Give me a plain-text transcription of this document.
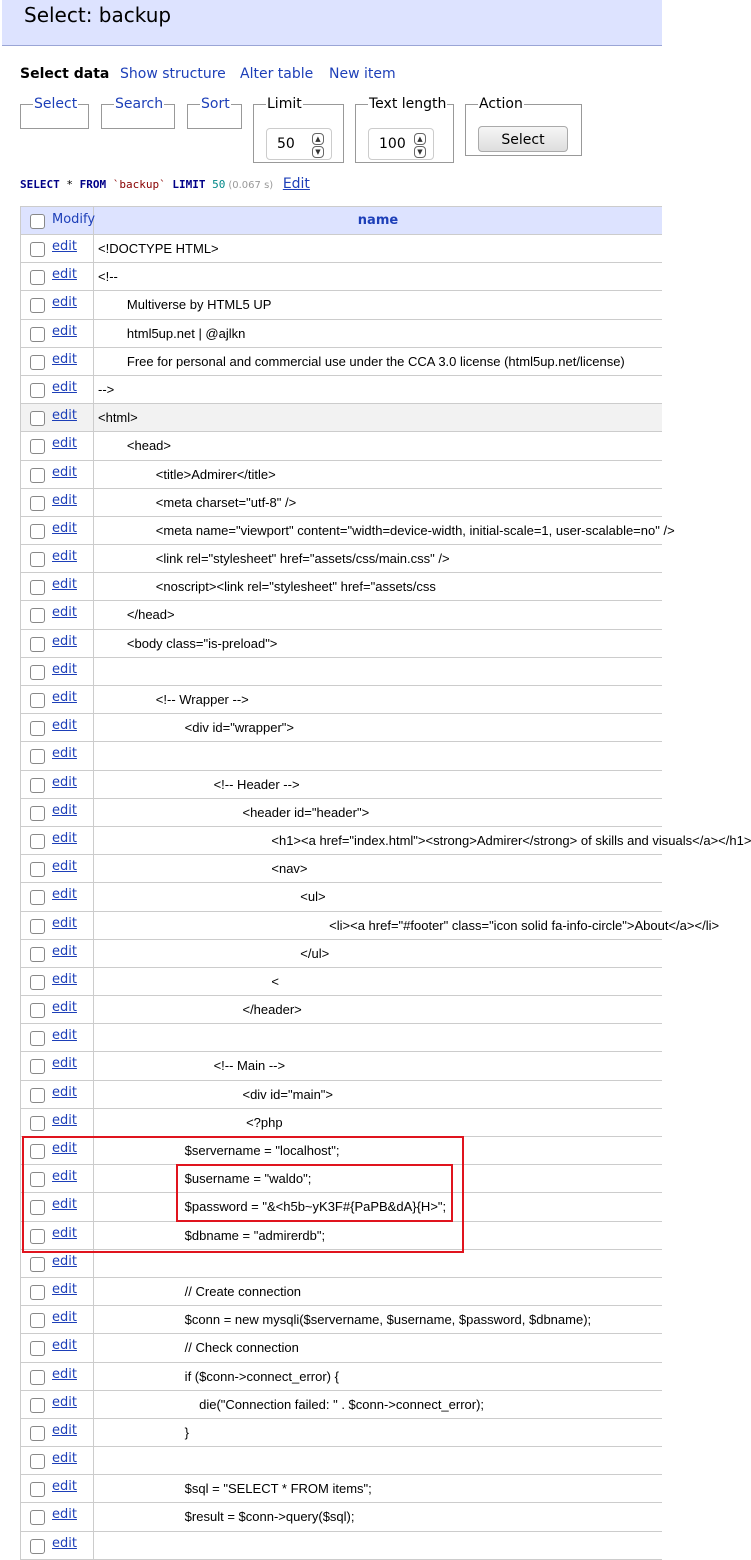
Select: backup
Select data Show structure Alter table New item
Select	Search	Sort	Limit
50	▲
▼
Text length
100	▲
▼
Action
Select
SELECT * FROM `backup` LIMIT 50 (0.067 s) Edit
Modify	name
edit <!DOCTYPE HTML>
edit <!--
edit Multiverse by HTML5 UP
edit html5up.net | @ajlkn
edit Free for personal and commercial use under the CCA 3.0 license (html5up.net/license)
edit -->
edit <html>
edit <head>
edit <title>Admirer</title>
edit <meta charset="utf-8" />
edit <meta name="viewport" content="width=device-width, initial-scale=1, user-scalable=no" />
edit <link rel="stylesheet" href="assets/css/main.css" />
edit <noscript><link rel="stylesheet" href="assets/css
edit </head>
edit <body class="is-preload">
edit
edit <!-- Wrapper -->
edit <div id="wrapper">
edit
edit <!-- Header -->
edit <header id="header">
edit <h1><a href="index.html"><strong>Admirer</strong> of skills and visuals</a></h1>
edit <nav>
edit <ul>
edit <li><a href="#footer" class="icon solid fa-info-circle">About</a></li>
edit </ul>
edit <
edit </header>
edit
edit <!-- Main -->
edit <div id="main">
edit <?php
edit $servername = "localhost";
edit $username = "waldo";
edit $password = "&<h5b~yK3F#{PaPB&dA}{H>";
edit $dbname = "admirerdb";
edit
edit // Create connection
edit $conn = new mysqli($servername, $username, $password, $dbname);
edit // Check connection
edit if ($conn->connect_error) {
edit die("Connection failed: " . $conn->connect_error);
edit }
edit
edit $sql = "SELECT * FROM items";
edit $result = $conn->query($sql);
edit
